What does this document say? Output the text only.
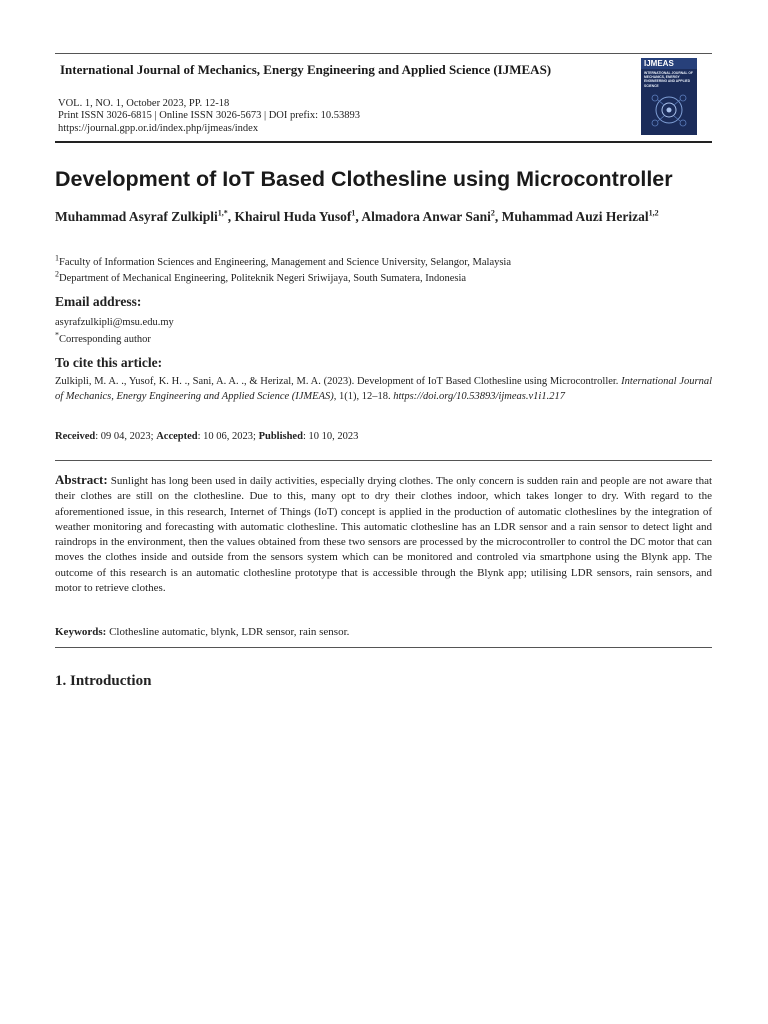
International Journal of Mechanics, Energy Engineering and Applied Science (IJMEAS)
VOL. 1, NO. 1, October 2023, PP. 12-18
Print ISSN 3026-6815 | Online ISSN 3026-5673 | DOI prefix: 10.53893
https://journal.gpp.or.id/index.php/ijmeas/index
IJMEAS
INTERNATIONAL JOURNAL OF MECHANICS, ENERGY ENGINEERING AND APPLIED SCIENCE
Development of IoT Based Clothesline using Microcontroller
Muhammad Asyraf Zulkipli$^{1,*}$, Khairul Huda Yusof$^1$, Almadora Anwar Sani$^2$, Muhammad Auzi Herizal$^{1,2}$
$^1$Faculty of Information Sciences and Engineering, Management and Science University, Selangor, Malaysia
$^2$Department of Mechanical Engineering, Politeknik Negeri Sriwijaya, South Sumatera, Indonesia
Email address:
asyrafzulkipli@msu.edu.my
*Corresponding author
To cite this article:
Zulkipli, M. A. ., Yusof, K. H. ., Sani, A. A. ., & Herizal, M. A. (2023). Development of IoT Based Clothesline using Microcontroller. International Journal of Mechanics, Energy Engineering and Applied Science (IJMEAS), 1(1), 12–18. https://doi.org/10.53893/ijmeas.v1i1.217
Received: 09 04, 2023; Accepted: 10 06, 2023; Published: 10 10, 2023
Abstract: Sunlight has long been used in daily activities, especially drying clothes. The only concern is sudden rain and people are not aware that their clothes are still on the clothesline. Due to this, many opt to dry their clothes indoor, which takes longer to dry. With regard to the aforementioned issue, in this research, Internet of Things (IoT) concept is applied in the production of automatic clotheslines by the integration of weather monitoring and forecasting with automatic clothesline. This automatic clothesline has an LDR sensor and a rain sensor to detect light and raindrops in the environment, then the values obtained from these two sensors are processed by the microcontroller to control the DC motor that can moves the clothes inside and outside from the sensors system which can be monitored and controled via smartphone using the Blynk app. The outcome of this research is an automatic clothesline prototype that is accessible through the Blynk app; utilising LDR sensors, rain sensors, and motor to retrieve clothes.
Keywords: Clothesline automatic, blynk, LDR sensor, rain sensor.
1. Introduction
